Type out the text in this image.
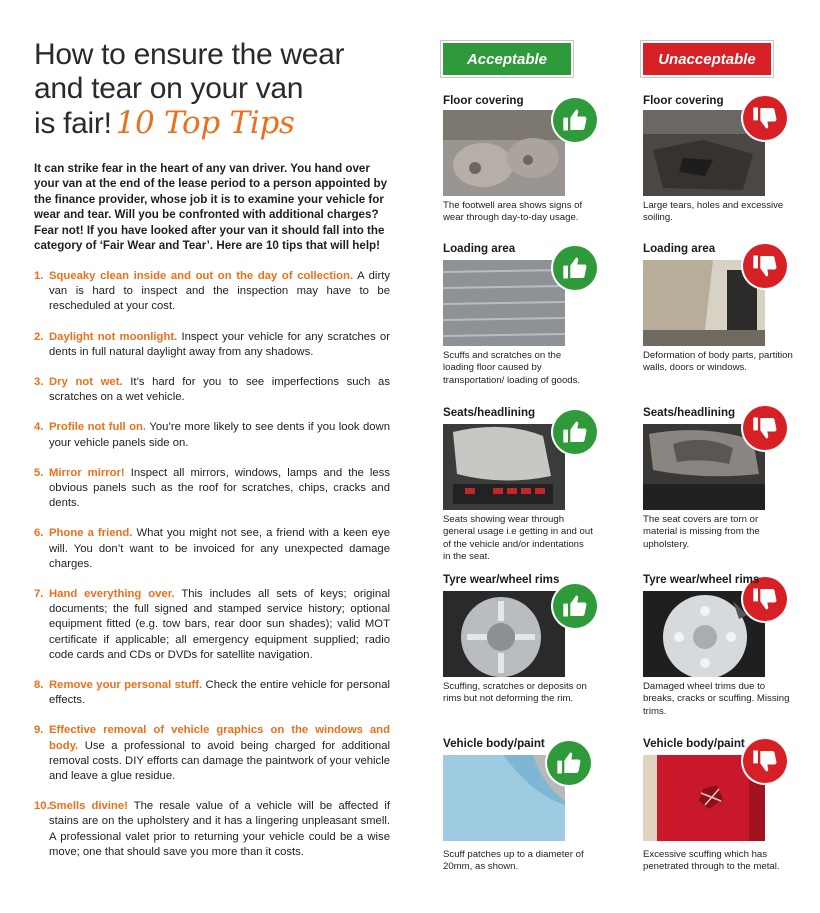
How to ensure the wear
and tear on your van
is fair! 10 Top Tips

It can strike fear in the heart of any van driver. You hand over your van at the end of the lease period to a person appointed by the finance provider, whose job it is to examine your vehicle for wear and tear. Will you be confronted with additional charges? Fear not! If you have looked after your van it should fall into the category of ‘Fair Wear and Tear’. Here are 10 tips that will help!

1. Squeaky clean inside and out on the day of collection. A dirty van is hard to inspect and the inspection may have to be rescheduled at your cost.
2. Daylight not moonlight. Inspect your vehicle for any scratches or dents in full natural daylight away from any shadows.
3. Dry not wet. It’s hard for you to see imperfections such as scratches on a wet vehicle.
4. Profile not full on. You’re more likely to see dents if you look down your vehicle panels side on.
5. Mirror mirror! Inspect all mirrors, windows, lamps and the less obvious panels such as the roof for scratches, chips, cracks and dents.
6. Phone a friend. What you might not see, a friend with a keen eye will. You don’t want to be invoiced for any unexpected damage charges.
7. Hand everything over. This includes all sets of keys; original documents; the full signed and stamped service history; optional equipment fitted (e.g. tow bars, rear door sun shades); valid MOT certificate if applicable; all emergency equipment supplied; radio code cards and CDs or DVDs for satellite navigation.
8. Remove your personal stuff. Check the entire vehicle for personal effects.
9. Effective removal of vehicle graphics on the windows and body. Use a professional to avoid being charged for additional removal costs. DIY efforts can damage the paintwork of your vehicle and leave a glue residue.
10. Smells divine! The resale value of a vehicle will be affected if stains are on the upholstery and it has a lingering unpleasant smell. A professional valet prior to returning your vehicle could be a wise move; one that should save you more than it costs.
Acceptable	Unacceptable
Floor covering
The footwell area shows signs of wear through day-to-day usage.
Loading area
Scuffs and scratches on the loading floor caused by transportation/ loading of goods.
Seats/headlining
Seats showing wear through general usage i.e getting in and out of the vehicle and/or indentations in the seat.
Tyre wear/wheel rims
Scuffing, scratches or deposits on rims but not deforming the rim.
Vehicle body/paint
Scuff patches up to a diameter of 20mm, as shown.
Floor covering
Large tears, holes and excessive soiling.
Loading area
Deformation of body parts, partition walls, doors or windows.
Seats/headlining
The seat covers are torn or material is missing from the upholstery.
Tyre wear/wheel rims
Damaged wheel trims due to breaks, cracks or scuffing. Missing trims.
Vehicle body/paint
Excessive scuffing which has penetrated through to the metal.
